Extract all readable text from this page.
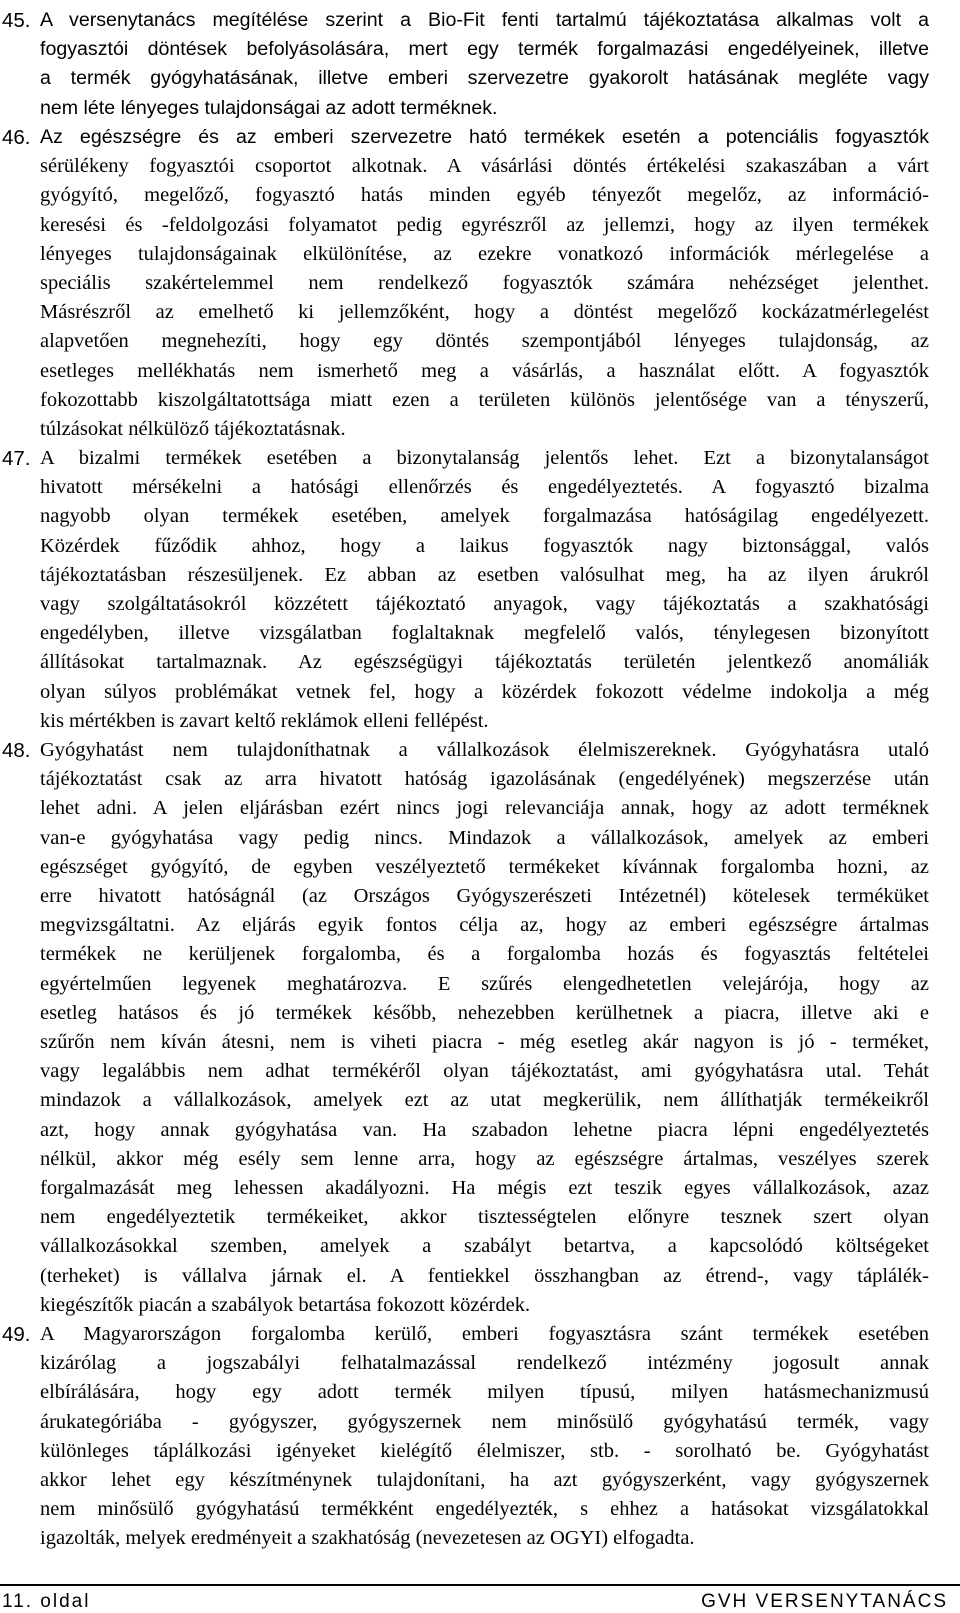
45. A versenytanács megítélése szerint a Bio-Fit fenti tartalmú tájékoztatása alkalmas volt a
fogyasztói döntések befolyásolására, mert egy termék forgalmazási engedélyeinek, illetve
a termék gyógyhatásának, illetve emberi szervezetre gyakorolt hatásának megléte vagy
nem léte lényeges tulajdonságai az adott terméknek.
46. Az egészségre és az emberi szervezetre ható termékek esetén a potenciális fogyasztók
sérülékeny fogyasztói csoportot alkotnak. A vásárlási döntés értékelési szakaszában a várt
gyógyító, megelőző, fogyasztó hatás minden egyéb tényezőt megelőz, az információ-
keresési és -feldolgozási folyamatot pedig egyrészről az jellemzi, hogy az ilyen termékek
lényeges tulajdonságainak elkülönítése, az ezekre vonatkozó információk mérlegelése a
speciális szakértelemmel nem rendelkező fogyasztók számára nehézséget jelenthet.
Másrészről az emelhető ki jellemzőként, hogy a döntést megelőző kockázatmérlegelést
alapvetően megnehezíti, hogy egy döntés szempontjából lényeges tulajdonság, az
esetleges mellékhatás nem ismerhető meg a vásárlás, a használat előtt. A fogyasztók
fokozottabb kiszolgáltatottsága miatt ezen a területen különös jelentősége van a tényszerű,
túlzásokat nélkülöző tájékoztatásnak.
47. A bizalmi termékek esetében a bizonytalanság jelentős lehet. Ezt a bizonytalanságot
hivatott mérsékelni a hatósági ellenőrzés és engedélyeztetés. A fogyasztó bizalma
nagyobb olyan termékek esetében, amelyek forgalmazása hatóságilag engedélyezett.
Közérdek fűződik ahhoz, hogy a laikus fogyasztók nagy biztonsággal, valós
tájékoztatásban részesüljenek. Ez abban az esetben valósulhat meg, ha az ilyen árukról
vagy szolgáltatásokról közzétett tájékoztató anyagok, vagy tájékoztatás a szakhatósági
engedélyben, illetve vizsgálatban foglaltaknak megfelelő valós, ténylegesen bizonyított
állításokat tartalmaznak. Az egészségügyi tájékoztatás területén jelentkező anomáliák
olyan súlyos problémákat vetnek fel, hogy a közérdek fokozott védelme indokolja a még
kis mértékben is zavart keltő reklámok elleni fellépést.
48. Gyógyhatást nem tulajdoníthatnak a vállalkozások élelmiszereknek. Gyógyhatásra utaló
tájékoztatást csak az arra hivatott hatóság igazolásának (engedélyének) megszerzése után
lehet adni. A jelen eljárásban ezért nincs jogi relevanciája annak, hogy az adott terméknek
van-e gyógyhatása vagy pedig nincs. Mindazok a vállalkozások, amelyek az emberi
egészséget gyógyító, de egyben veszélyeztető termékeket kívánnak forgalomba hozni, az
erre hivatott hatóságnál (az Országos Gyógyszerészeti Intézetnél) kötelesek terméküket
megvizsgáltatni. Az eljárás egyik fontos célja az, hogy az emberi egészségre ártalmas
termékek ne kerüljenek forgalomba, és a forgalomba hozás és fogyasztás feltételei
egyértelműen legyenek meghatározva. E szűrés elengedhetetlen velejárója, hogy az
esetleg hatásos és jó termékek később, nehezebben kerülhetnek a piacra, illetve aki e
szűrőn nem kíván átesni, nem is viheti piacra - még esetleg akár nagyon is jó - terméket,
vagy legalábbis nem adhat termékéről olyan tájékoztatást, ami gyógyhatásra utal. Tehát
mindazok a vállalkozások, amelyek ezt az utat megkerülik, nem állíthatják termékeikről
azt, hogy annak gyógyhatása van. Ha szabadon lehetne piacra lépni engedélyeztetés
nélkül, akkor még esély sem lenne arra, hogy az egészségre ártalmas, veszélyes szerek
forgalmazását meg lehessen akadályozni. Ha mégis ezt teszik egyes vállalkozások, azaz
nem engedélyeztetik termékeiket, akkor tisztességtelen előnyre tesznek szert olyan
vállalkozásokkal szemben, amelyek a szabályt betartva, a kapcsolódó költségeket
(terheket) is vállalva járnak el. A fentiekkel összhangban az étrend-, vagy táplálék-
kiegészítők piacán a szabályok betartása fokozott közérdek.
49. A Magyarországon forgalomba kerülő, emberi fogyasztásra szánt termékek esetében
kizárólag a jogszabályi felhatalmazással rendelkező intézmény jogosult annak
elbírálására, hogy egy adott termék milyen típusú, milyen hatásmechanizmusú
árukategóriába - gyógyszer, gyógyszernek nem minősülő gyógyhatású termék, vagy
különleges táplálkozási igényeket kielégítő élelmiszer, stb. - sorolható be. Gyógyhatást
akkor lehet egy készítménynek tulajdonítani, ha azt gyógyszerként, vagy gyógyszernek
nem minősülő gyógyhatású termékként engedélyezték, s ehhez a hatásokat vizsgálatokkal
igazolták, melyek eredményeit a szakhatóság (nevezetesen az OGYI) elfogadta.
11. oldal	GVH VERSENYTANÁCS
